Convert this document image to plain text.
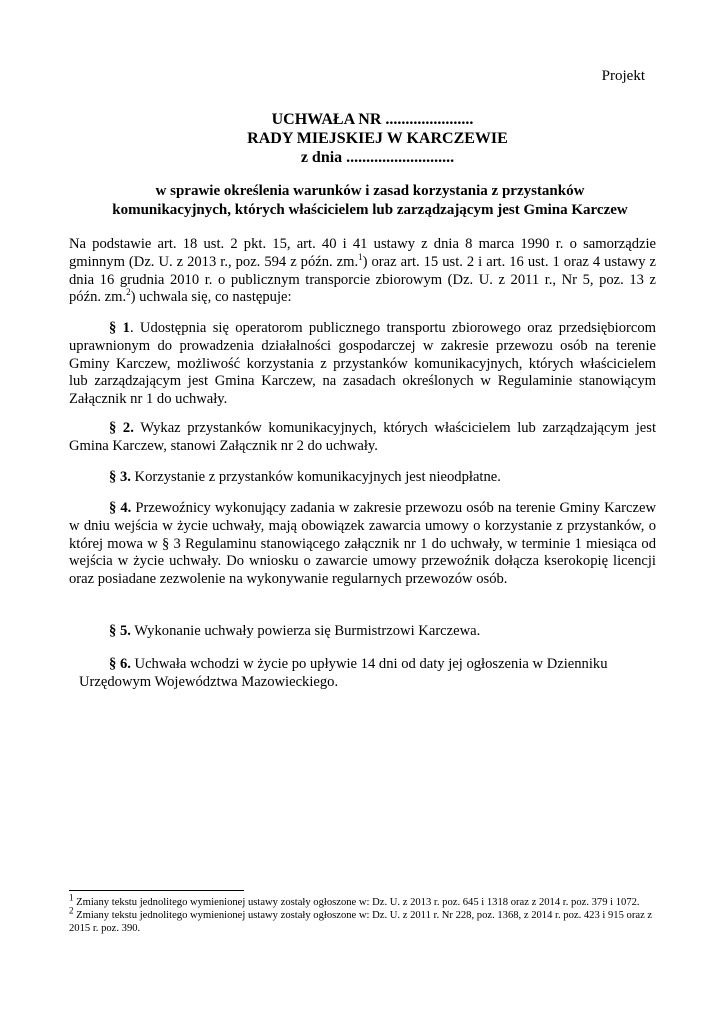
Projekt
UCHWAŁA NR ......................
RADY MIEJSKIEJ W KARCZEWIE
z dnia ...........................
w sprawie określenia warunków i zasad korzystania z przystanków
komunikacyjnych, których właścicielem lub zarządzającym jest Gmina Karczew
Na podstawie art. 18 ust. 2 pkt. 15, art. 40 i 41 ustawy z dnia 8 marca 1990 r. o samorządzie gminnym (Dz. U. z 2013 r., poz. 594 z późn. zm.$^1$) oraz art. 15 ust. 2 i art. 16 ust. 1 oraz 4 ustawy z dnia 16 grudnia 2010 r. o publicznym transporcie zbiorowym (Dz. U. z 2011 r., Nr 5, poz. 13 z późn. zm.$^2$) uchwala się, co następuje:
§ 1. Udostępnia się operatorom publicznego transportu zbiorowego oraz przedsiębiorcom uprawnionym do prowadzenia działalności gospodarczej w zakresie przewozu osób na terenie Gminy Karczew, możliwość korzystania z przystanków komunikacyjnych, których właścicielem lub zarządzającym jest Gmina Karczew, na zasadach określonych w Regulaminie stanowiącym Załącznik nr 1 do uchwały.
§ 2. Wykaz przystanków komunikacyjnych, których właścicielem lub zarządzającym jest Gmina Karczew, stanowi Załącznik nr 2 do uchwały.
§ 3. Korzystanie z przystanków komunikacyjnych jest nieodpłatne.
§ 4. Przewoźnicy wykonujący zadania w zakresie przewozu osób na terenie Gminy Karczew w dniu wejścia w życie uchwały, mają obowiązek zawarcia umowy o korzystanie z przystanków, o której mowa w § 3 Regulaminu stanowiącego załącznik nr 1 do uchwały, w terminie 1 miesiąca od wejścia w życie uchwały. Do wniosku o zawarcie umowy przewoźnik dołącza kserokopię licencji oraz posiadane zezwolenie na wykonywanie regularnych przewozów osób.
§ 5. Wykonanie uchwały powierza się Burmistrzowi Karczewa.
§ 6. Uchwała wchodzi w życie po upływie 14 dni od daty jej ogłoszenia w Dzienniku
Urzędowym Województwa Mazowieckiego.

$^1$ Zmiany tekstu jednolitego wymienionej ustawy zostały ogłoszone w: Dz. U. z 2013 r. poz. 645 i 1318 oraz z 2014 r. poz. 379 i 1072.

$^2$ Zmiany tekstu jednolitego wymienionej ustawy zostały ogłoszone w: Dz. U. z 2011 r. Nr 228, poz. 1368, z 2014 r. poz. 423 i 915 oraz z 2015 r. poz. 390.
